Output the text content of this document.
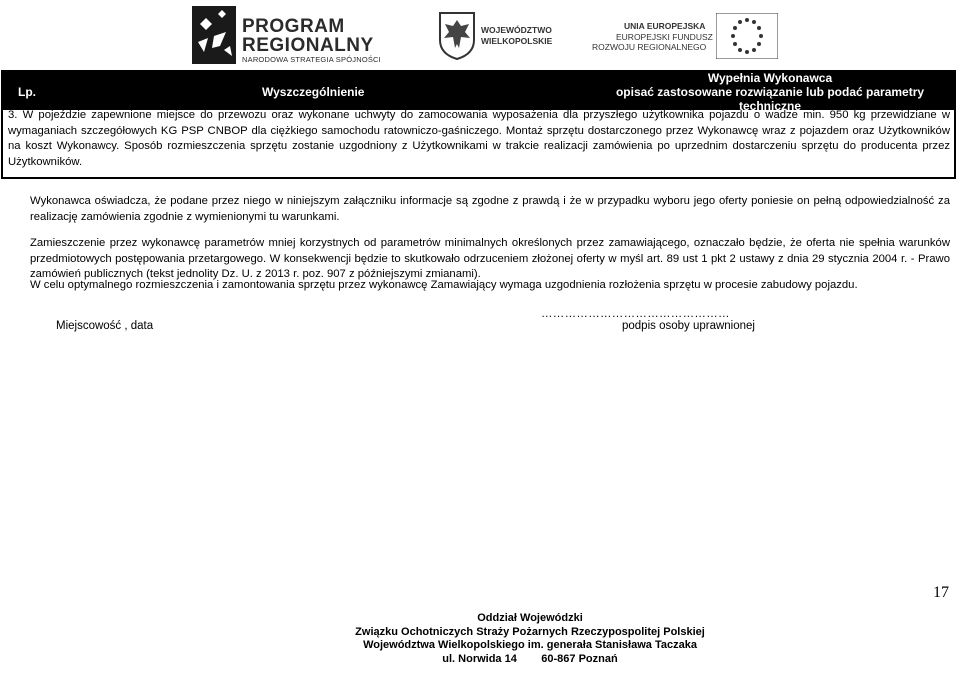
PROGRAM
REGIONALNY
NARODOWA STRATEGIA SPÓJNOŚCI
WOJEWÓDZTWO
WIELKOPOLSKIE
UNIA EUROPEJSKA
EUROPEJSKI FUNDUSZ
ROZWOJU REGIONALNEGO
Lp.	Wyszczególnienie
Wypełnia Wykonawca
opisać zastosowane rozwiązanie lub podać parametry techniczne
3. W pojeździe zapewnione miejsce do przewozu oraz wykonane uchwyty do zamocowania wyposażenia dla przyszłego użytkownika pojazdu o wadze min. 950 kg przewidziane w wymaganiach szczegółowych KG PSP CNBOP dla ciężkiego samochodu ratowniczo-gaśniczego. Montaż sprzętu dostarczonego przez Wykonawcę wraz z pojazdem oraz Użytkowników na koszt Wykonawcy. Sposób rozmieszczenia sprzętu zostanie uzgodniony z Użytkownikami w trakcie realizacji zamówienia po uprzednim dostarczeniu sprzętu do producenta przez Użytkowników.
Wykonawca oświadcza, że podane przez niego w niniejszym załączniku informacje są zgodne z prawdą i że w przypadku wyboru jego oferty poniesie on pełną odpowiedzialność za realizację zamówienia zgodnie z wymienionymi tu warunkami.
Zamieszczenie przez wykonawcę parametrów mniej korzystnych od parametrów minimalnych określonych przez zamawiającego, oznaczało będzie, że oferta nie spełnia warunków przedmiotowych postępowania przetargowego. W konsekwencji będzie to skutkowało odrzuceniem złożonej oferty w myśl art. 89 ust 1 pkt 2 ustawy z dnia 29 stycznia 2004 r. - Prawo zamówień publicznych (tekst jednolity Dz. U. z 2013 r. poz. 907 z późniejszymi zmianami).
W celu optymalnego rozmieszczenia i zamontowania sprzętu przez wykonawcę Zamawiający wymaga uzgodnienia rozłożenia sprzętu w procesie zabudowy pojazdu.
…………………………………………
Miejscowość , data	podpis osoby uprawnionej
17
Oddział Wojewódzki
Związku Ochotniczych Straży Pożarnych Rzeczypospolitej Polskiej
Województwa Wielkopolskiego im. generała Stanisława Taczaka
ul. Norwida 14        60-867 Poznań
